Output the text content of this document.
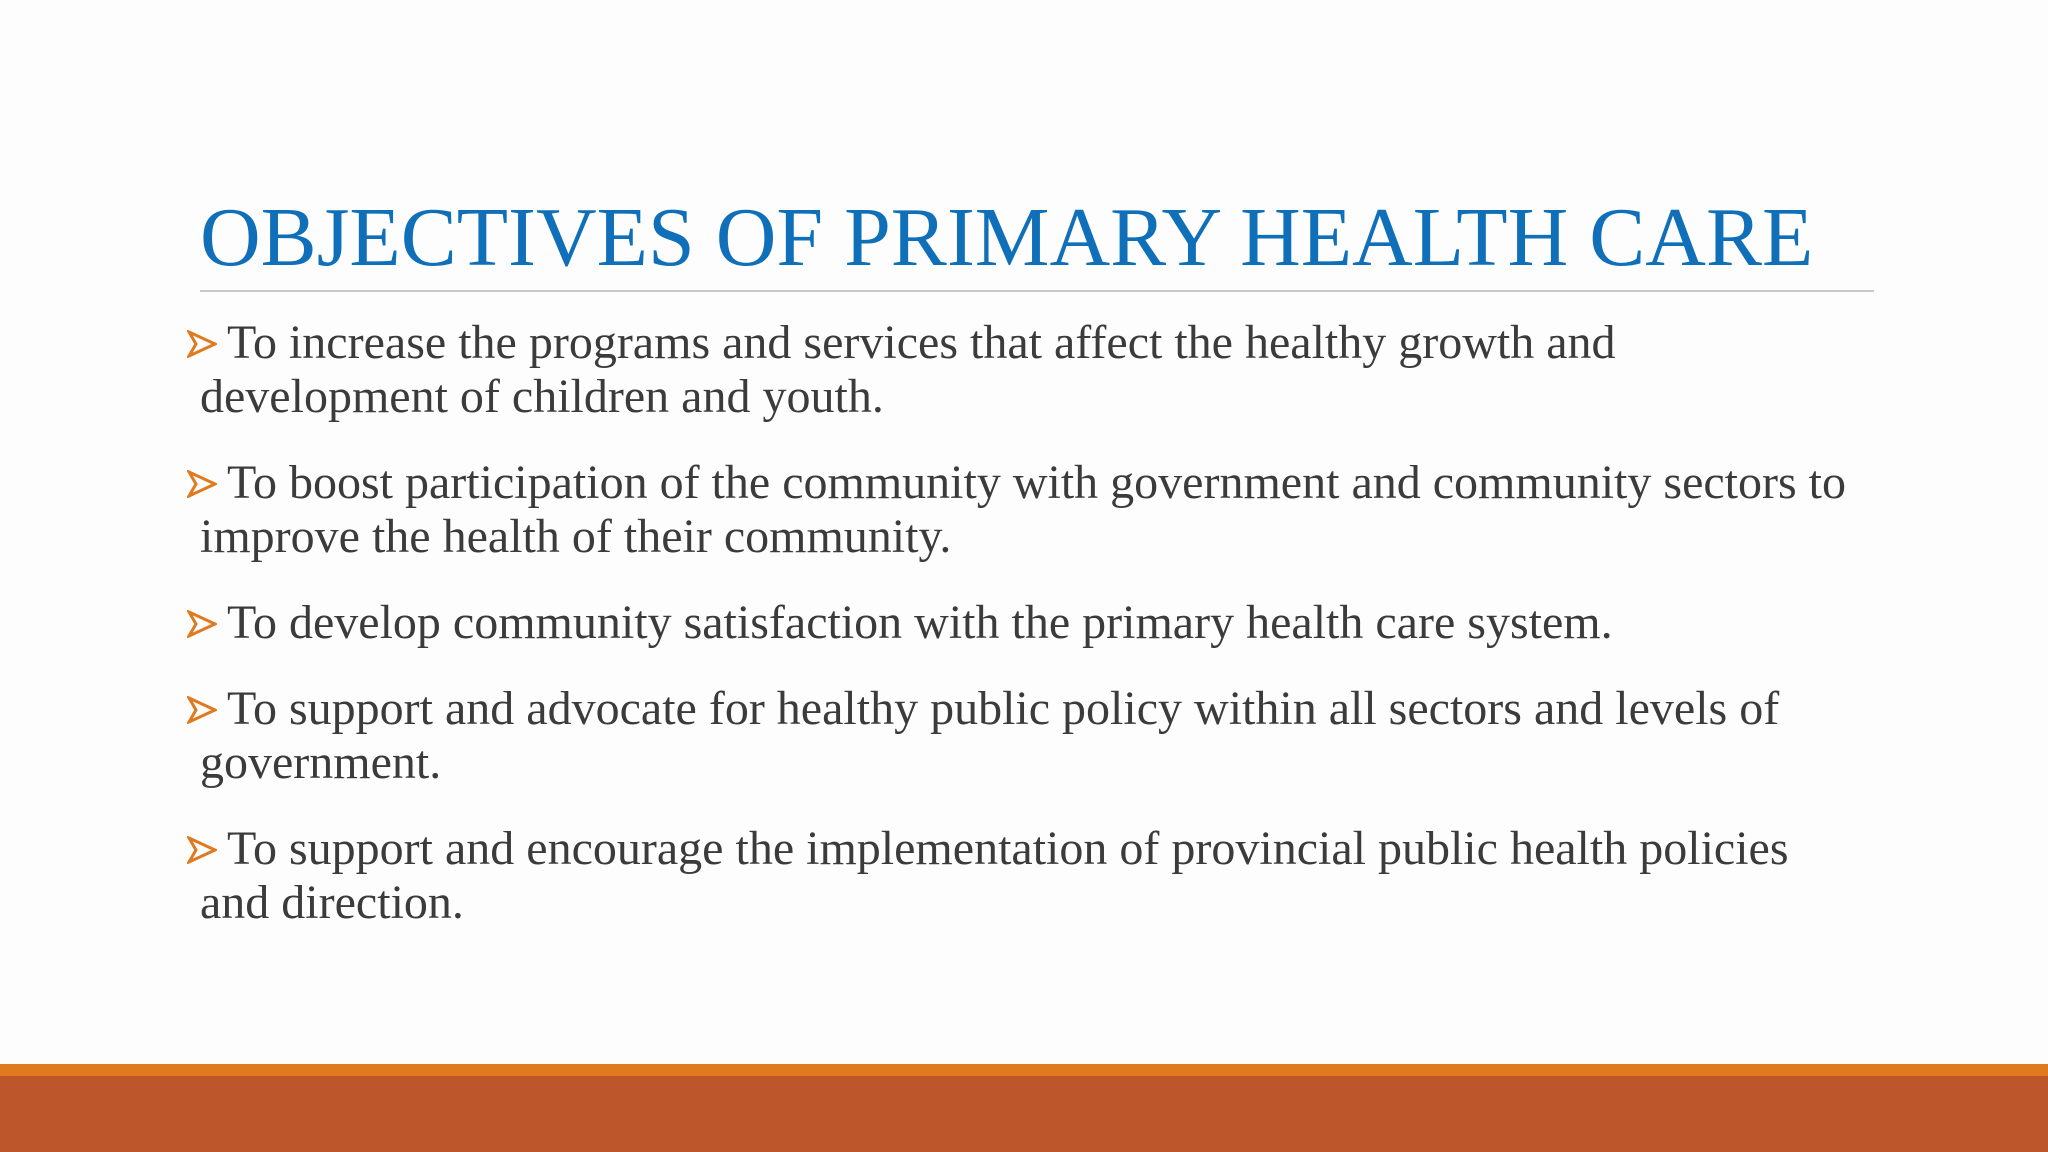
OBJECTIVES OF PRIMARY HEALTH CARE
To increase the programs and services that affect the healthy growth and development of children and youth.
To boost participation of the community with government and community sectors to improve the health of their community.
To develop community satisfaction with the primary health care system.
To support and advocate for healthy public policy within all sectors and levels of government.
To support and encourage the implementation of provincial public health policies and direction.
